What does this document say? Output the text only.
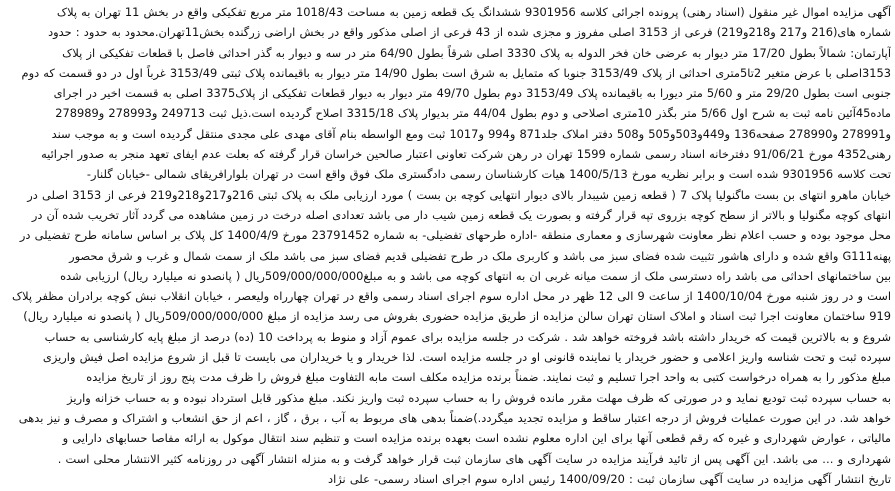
آگهی مزایده اموال غیر منقول (اسناد رهنی) پرونده اجرائی کلاسه 9301956 ششدانگ یک قطعه زمین به مساحت 1018/43 متر مربع تفکیکی واقع در بخش 11 تهران به پلاک
شماره های(216 و217 و218و219) فرعی از 3153 اصلی مفروز و مجزی شده از 43 فرعی از اصلی مذکور واقع در بخش اراضی زرگنده بخش11تهران.محدود به حدود : حدود
آپارتمان: شمالاً بطول 17/20 متر دیوار به عرضی خان فخر الدوله به پلاک 3330 اصلی شرقاً بطول 64/90 متر در سه و دیوار به گذر احداثی فاصل با قطعات تفکیکی از پلاک
3153اصلی با عرض متغیر 2تا5متری احداثی از پلاک 3153/49 جنوبا که متمایل به شرق است بطول 14/90 متر دیوار به باقیمانده پلاک ثبتی 3153/49 غرباً اول در دو قسمت که دوم
جنوبی است بطول 29/20 متر و 5/60 متر دیورا به باقیمانده پلاک 3153/49 دوم بطول 49/70 متر دیوار به دیوار قطعات تفکیکی از پلاک3375 اصلی به قسمت اخیر در اجرای
ماده45آئین نامه ثبت به شرح اول 5/66 متر بگذر 10متری اصلاحی و دوم بطول 44/04 متر بدیوار پلاک 3315/18 اصلاح گردیده است.ذیل ثبت 249713 و278993 و278989
و278991 و278990 صفحه136 و449و503و505 و508 دفتر املاک جلد871 و994 و1017 ثبت ومع الواسطه بنام آقای مهدی علی مجدی منتقل گردیده است و به موجب سند
رهنی4352 مورخ 91/06/21 دفترخانه اسناد رسمی شماره 1599 تهران در رهن شرکت تعاونی اعتبار صالحین خراسان قرار گرفته که بعلت عدم ایفای تعهد منجر به صدور اجرائیه
تحت کلاسه 9301956 شده است و برابر نظریه مورخ 1400/5/13 هیات کارشناسان رسمی دادگستری ملک فوق واقع است در تهران بلوارافریقای شمالی -خیابان گلنار-
خیابان ماهرو انتهای بن بست ماگنولیا پلاک 7 ( قطعه زمین شیبدار بالای دیوار انتهایی کوچه بن بست ) مورد ارزیابی ملک به پلاک ثبتی 216و217و218و219 فرعی از 3153 اصلی در
انتهای کوچه مگنولیا و بالاتر از سطح کوچه بزروی تپه قرار گرفته و بصورت یک قطعه زمین شیب دار می باشد تعدادی اصله درخت در زمین مشاهده می گردد آثار تخریب شده آن در
محل موجود بوده و حسب اعلام نظر معاونت شهرسازی و معماری منطقه -اداره طرحهای تفضیلی- به شماره 23791452 مورخ 1400/4/9 کل پلاک بر اساس سامانه طرح تفضیلی در
پهنهG111 واقع شده و دارای هاشور تثبیت شده فضای سبز می باشد و کاربری ملک در طرح تفضیلی قدیم فضای سبز می باشد ملک از سمت شمال و غرب و شرق محصور
بین ساختمانهای احداثی می باشد راه دسترسی ملک از سمت میانه غربی ان به انتهای کوچه می باشد و به مبلغ509/000/000/000ریال ( پانصدو نه میلیارد ریال) ارزیابی شده
است و در روز شنبه مورخ 1400/10/04 از ساعت 9 الی 12 ظهر در محل اداره سوم اجرای اسناد رسمی واقع در تهران چهارراه ولیعصر ، خیابان انقلاب نبش کوچه برادران مظفر پلاک
919 ساختمان معاونت اجرا ثبت اسناد و املاک استان تهران سالن مزایده از طریق مزایده حضوری بفروش می رسد مزایده از مبلغ 509/000/000/000ریال ( پانصدو نه میلیارد ریال)
شروع و به بالاترین قیمت که خریدار داشته باشد فروخته خواهد شد . شرکت در جلسه مزایده برای عموم آزاد و منوط به پرداخت 10 (ده) درصد از مبلغ پایه کارشناسی به حساب
سپرده ثبت و تحت شناسه واریز اعلامی و حضور خریدار یا نماینده قانونی او در جلسه مزایده است. لذا خریدار و یا خریداران می بایست تا قبل از شروع مزایده اصل فیش واریزی
مبلغ مذکور را به همراه درخواست کتبی به واحد اجرا تسلیم و ثبت نمایند. ضمناً برنده مزایده مکلف است مابه التفاوت مبلغ فروش را ظرف مدت پنج روز از تاریخ مزایده
به حساب سپرده ثبت تودیع نماید و در صورتی که ظرف مهلت مقرر مانده فروش را به حساب سپرده ثبت واریز نکند. مبلغ مذکور قابل استرداد نبوده و به حساب خزانه واریز
خواهد شد. در این صورت عملیات فروش از درجه اعتبار ساقط و مزایده تجدید میگردد.)ضمناً بدهی های مربوط به آب ، برق ، گاز ، اعم از حق انشعاب و اشتراک و مصرف و نیز بدهی
مالیاتی ، عوارض شهرداری و غیره که رقم قطعی آنها برای این اداره معلوم نشده است بعهده برنده مزایده است و تنظیم سند انتقال موکول به ارائه مفاصا حسابهای دارایی و
شهرداری و … می باشد. این آگهی پس از تائید فرآیند مزایده در سایت آگهی های سازمان ثبت قرار خواهد گرفت و به منزله انتشار آگهی در روزنامه کثیر الانتشار محلی است .
تاریخ انتشار آگهی مزایده در سایت آگهی سازمان ثبت : 1400/09/20 رئیس اداره سوم اجرای اسناد رسمی- علی نژاد
